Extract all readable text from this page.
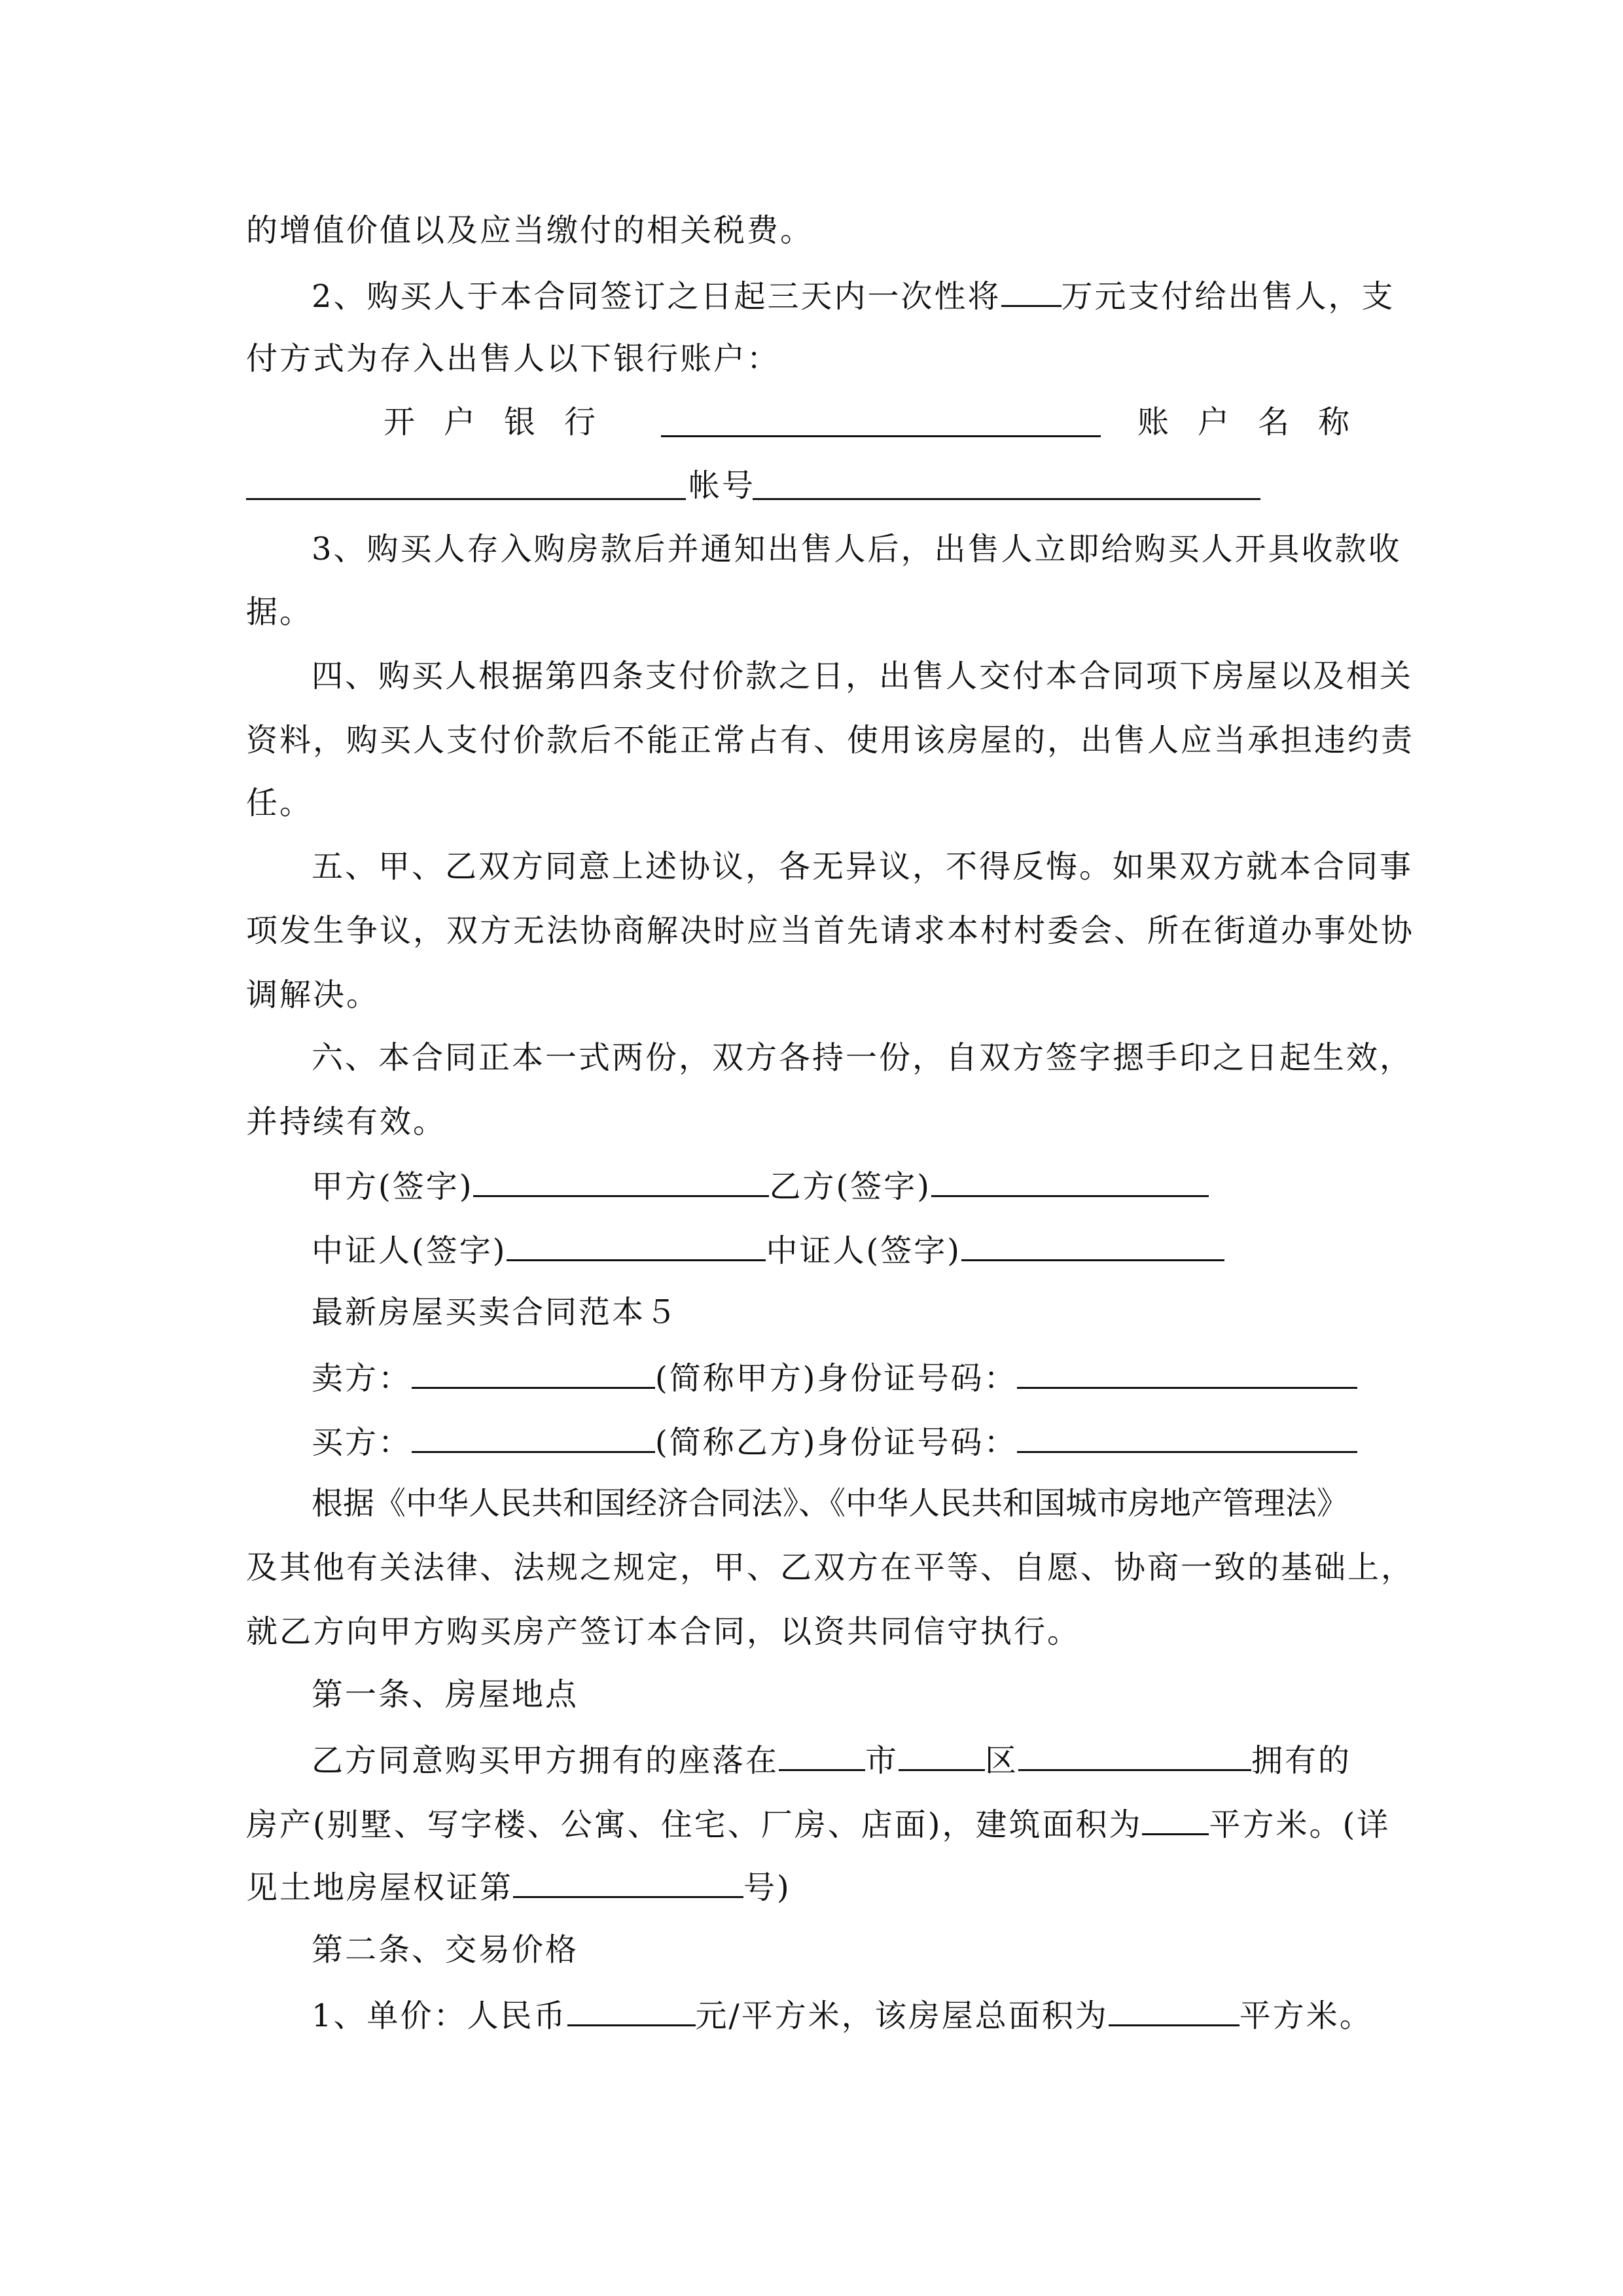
的增值价值以及应当缴付的相关税费。
2、购买人于本合同签订之日起三天内一次性将 万元支付给出售人，支
付方式为存入出售人以下银行账户：
开户银行	账户名称
帐号
3、购买人存入购房款后并通知出售人后，出售人立即给购买人开具收款收
据。
四、购买人根据第四条支付价款之日，出售人交付本合同项下房屋以及相关
资料，购买人支付价款后不能正常占有、使用该房屋的，出售人应当承担违约责
任。
五、甲、乙双方同意上述协议，各无异议，不得反悔。如果双方就本合同事
项发生争议，双方无法协商解决时应当首先请求本村村委会、所在街道办事处协
调解决。
六、本合同正本一式两份，双方各持一份，自双方签字摁手印之日起生效，
并持续有效。
甲方(签字)	乙方(签字)
中证人(签字)	中证人(签字)
最新房屋买卖合同范本５
卖方：	(简称甲方)身份证号码：
买方：	(简称乙方)身份证号码：
根据《中华人民共和国经济合同法》、《中华人民共和国城市房地产管理法》
及其他有关法律、法规之规定，甲、乙双方在平等、自愿、协商一致的基础上，
就乙方向甲方购买房产签订本合同，以资共同信守执行。
第一条、房屋地点
乙方同意购买甲方拥有的座落在	市	区	拥有的
房产(别墅、写字楼、公寓、住宅、厂房、店面)，建筑面积为 平方米。(详
见土地房屋权证第	号)
第二条、交易价格
1、单价：人民币	元/平方米，该房屋总面积为	平方米。
